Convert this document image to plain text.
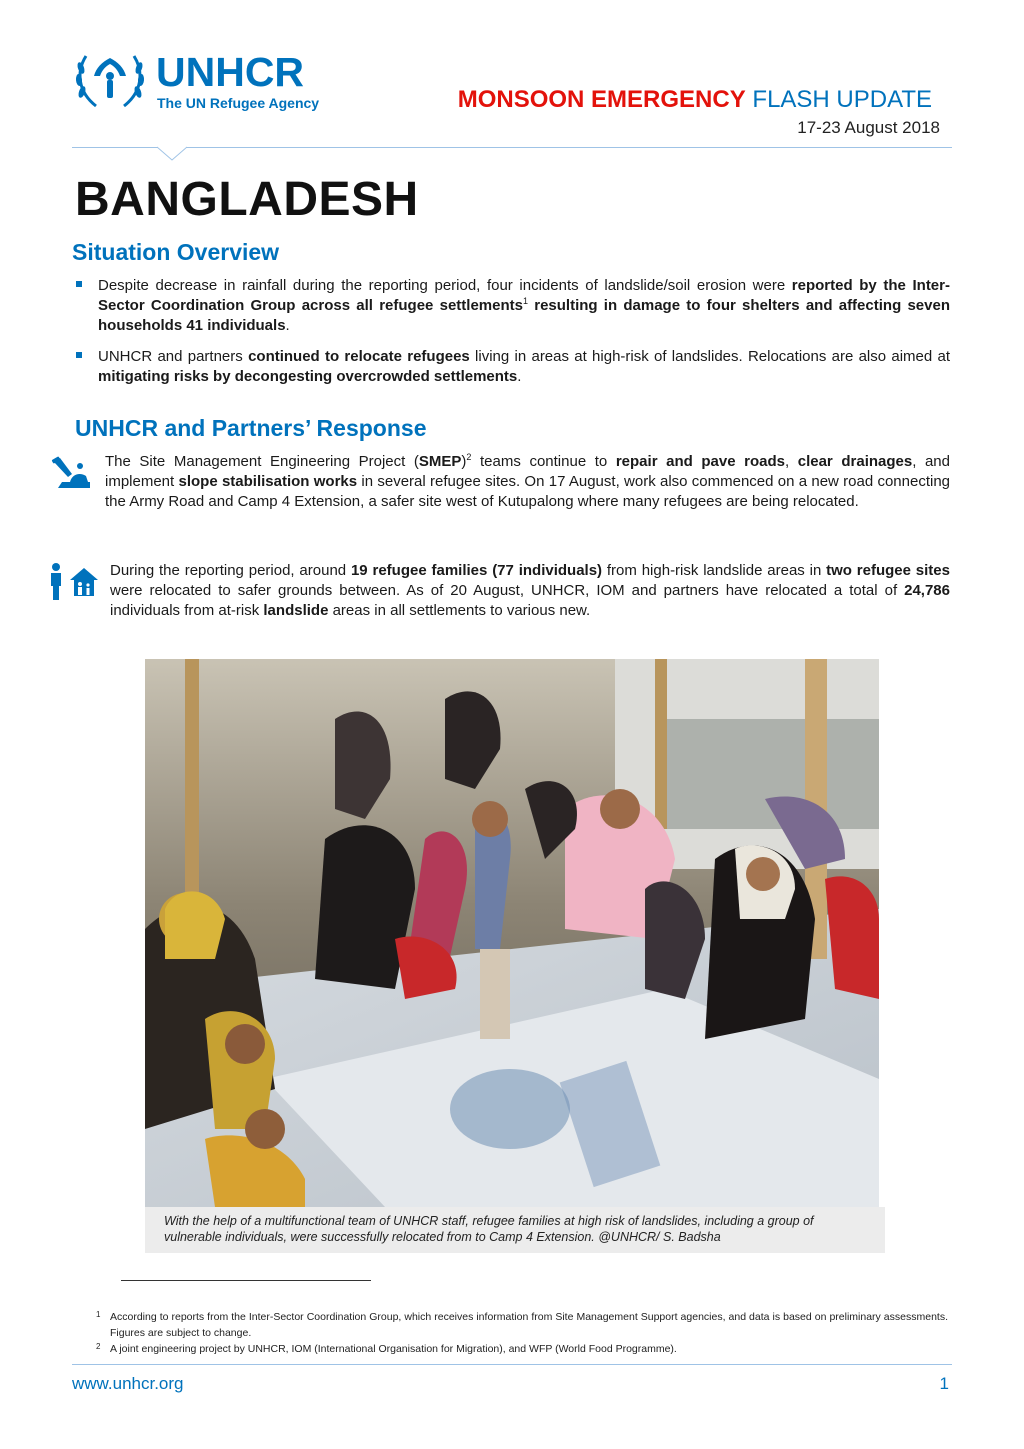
UNHCR
The UN Refugee Agency	MONSOON EMERGENCY FLASH UPDATE
17-23 August 2018
BANGLADESH
Situation Overview
Despite decrease in rainfall during the reporting period, four incidents of landslide/soil erosion were reported by the Inter-Sector Coordination Group across all refugee settlements$^1$ resulting in damage to four shelters and affecting seven households 41 individuals.
UNHCR and partners continued to relocate refugees living in areas at high-risk of landslides. Relocations are also aimed at mitigating risks by decongesting overcrowded settlements.
UNHCR and Partners’ Response
The Site Management Engineering Project (SMEP)$^2$ teams continue to repair and pave roads, clear drainages, and implement slope stabilisation works in several refugee sites. On 17 August, work also commenced on a new road connecting the Army Road and Camp 4 Extension, a safer site west of Kutupalong where many refugees are being relocated.
During the reporting period, around 19 refugee families (77 individuals) from high-risk landslide areas in two refugee sites were relocated to safer grounds between. As of 20 August, UNHCR, IOM and partners have relocated a total of 24,786 individuals from at-risk landslide areas in all settlements to various new.
With the help of a multifunctional team of UNHCR staff, refugee families at high risk of landslides, including a group of vulnerable individuals, were successfully relocated from to Camp 4 Extension. @UNHCR/ S. Badsha
1 According to reports from the Inter-Sector Coordination Group, which receives information from Site Management Support agencies, and data is based on preliminary assessments. Figures are subject to change.
2 A joint engineering project by UNHCR, IOM (International Organisation for Migration), and WFP (World Food Programme).
www.unhcr.org	1
